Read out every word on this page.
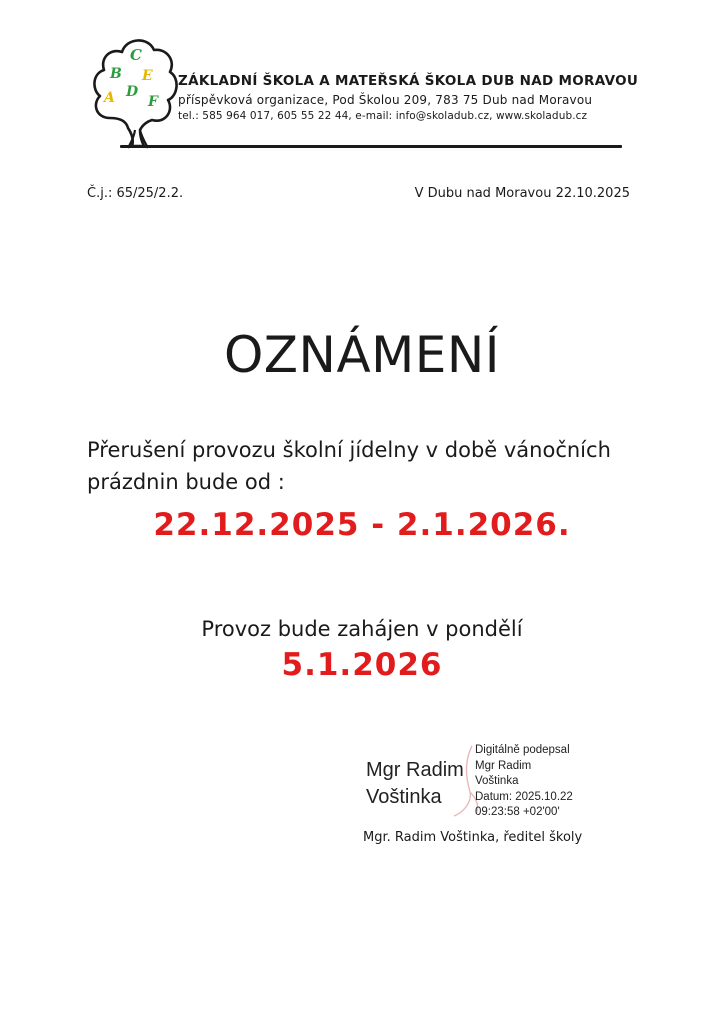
C
B E
A D
F
ZÁKLADNÍ ŠKOLA A MATEŘSKÁ ŠKOLA DUB NAD MORAVOU
příspěvková organizace, Pod Školou 209, 783 75 Dub nad Moravou
tel.: 585 964 017, 605 55 22 44, e-mail: info@skoladub.cz, www.skoladub.cz
Č.j.: 65/25/2.2.	V Dubu nad Moravou 22.10.2025
OZNÁMENÍ
Přerušení provozu školní jídelny v době vánočních
prázdnin bude od :
22.12.2025 - 2.1.2026.
Provoz bude zahájen v pondělí
5.1.2026
Mgr Radim
Voštinka
Digitálně podepsal
Mgr Radim
Voštinka
Datum: 2025.10.22
09:23:58 +02'00'
Mgr. Radim Voštinka, ředitel školy
